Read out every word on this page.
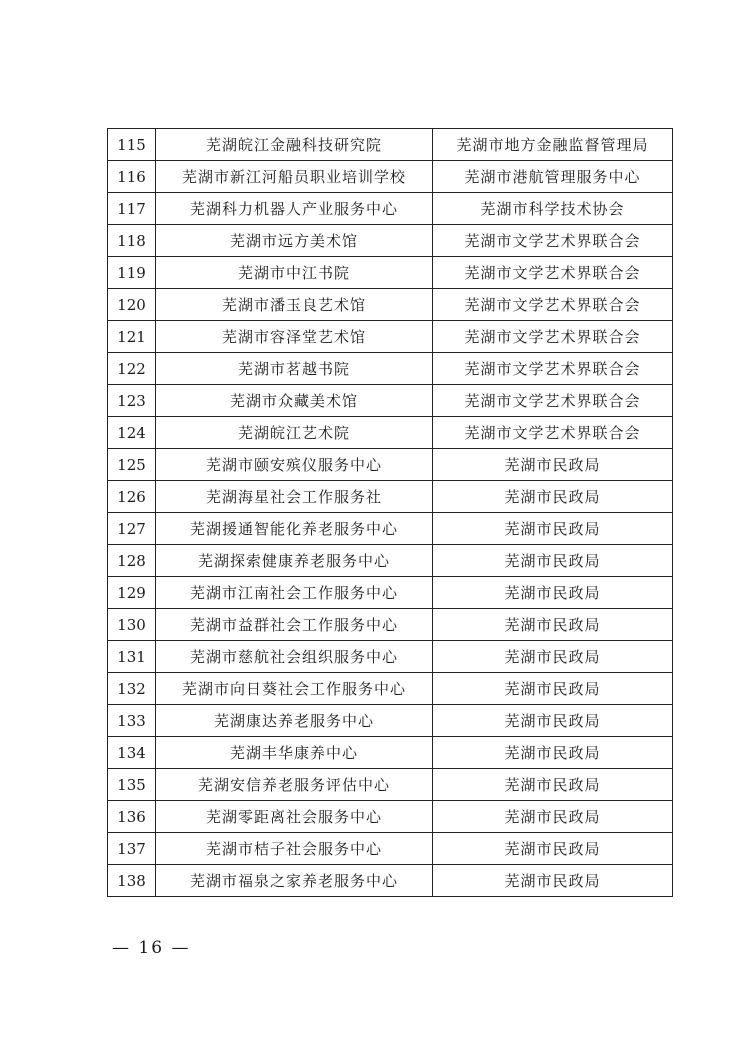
115	芜湖皖江金融科技研究院	芜湖市地方金融监督管理局
116	芜湖市新江河船员职业培训学校	芜湖市港航管理服务中心
117	芜湖科力机器人产业服务中心	芜湖市科学技术协会
118	芜湖市远方美术馆	芜湖市文学艺术界联合会
119	芜湖市中江书院	芜湖市文学艺术界联合会
120	芜湖市潘玉良艺术馆	芜湖市文学艺术界联合会
121	芜湖市容泽堂艺术馆	芜湖市文学艺术界联合会
122	芜湖市茗越书院	芜湖市文学艺术界联合会
123	芜湖市众藏美术馆	芜湖市文学艺术界联合会
124	芜湖皖江艺术院	芜湖市文学艺术界联合会
125	芜湖市颐安殡仪服务中心	芜湖市民政局
126	芜湖海星社会工作服务社	芜湖市民政局
127	芜湖援通智能化养老服务中心	芜湖市民政局
128	芜湖探索健康养老服务中心	芜湖市民政局
129	芜湖市江南社会工作服务中心	芜湖市民政局
130	芜湖市益群社会工作服务中心	芜湖市民政局
131	芜湖市慈航社会组织服务中心	芜湖市民政局
132	芜湖市向日葵社会工作服务中心	芜湖市民政局
133	芜湖康达养老服务中心	芜湖市民政局
134	芜湖丰华康养中心	芜湖市民政局
135	芜湖安信养老服务评估中心	芜湖市民政局
136	芜湖零距离社会服务中心	芜湖市民政局
137	芜湖市桔子社会服务中心	芜湖市民政局
138	芜湖市福泉之家养老服务中心	芜湖市民政局
— 16 —
